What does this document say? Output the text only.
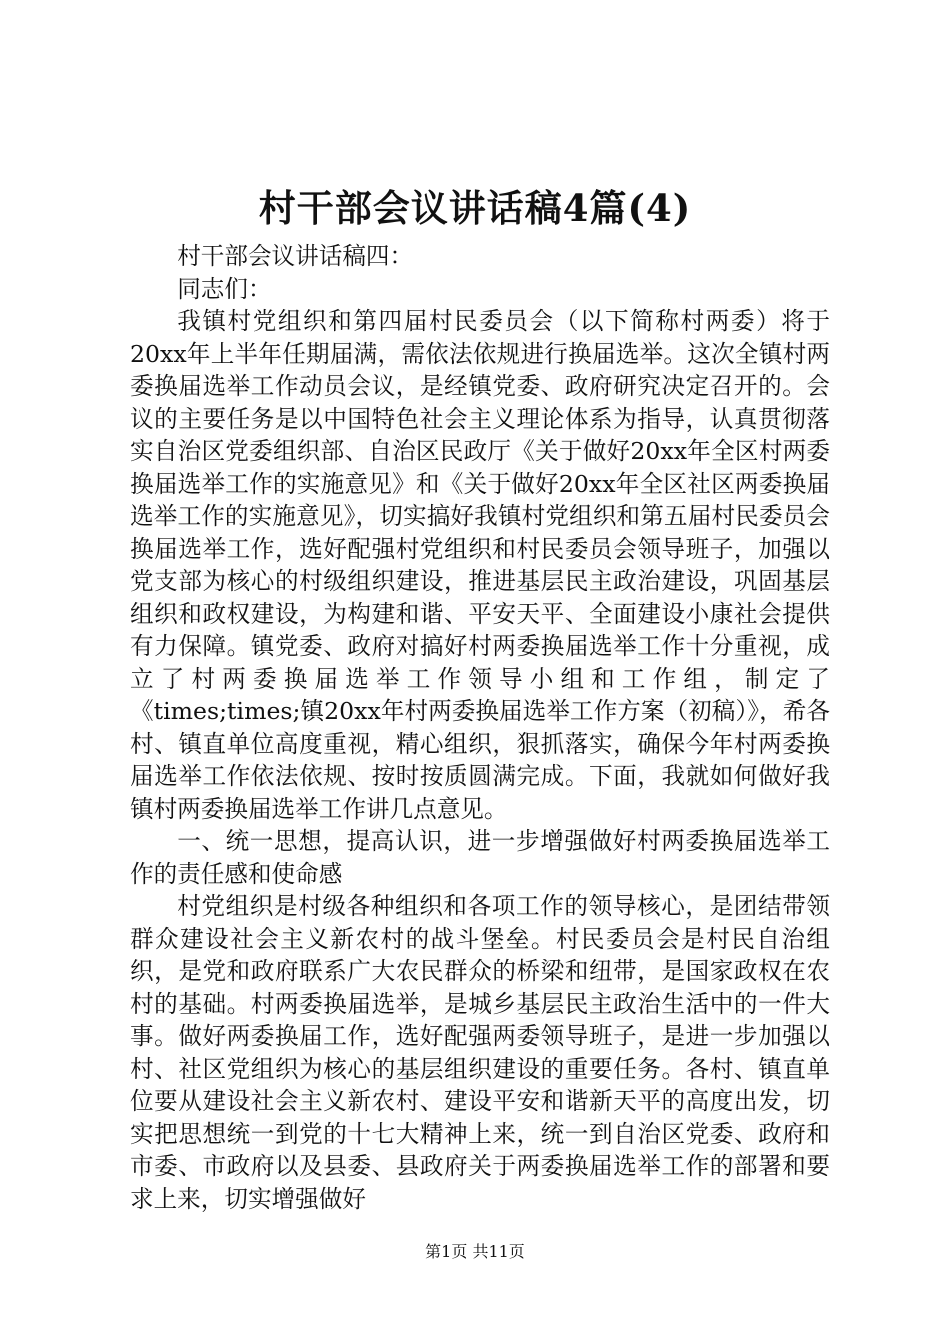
村干部会议讲话稿4篇(4)

村干部会议讲话稿四：

同志们：

我镇村党组织和第四届村民委员会（以下简称村两委）将于20xx年上半年任期届满，需依法依规进行换届选举。这次全镇村两委换届选举工作动员会议，是经镇党委、政府研究决定召开的。会议的主要任务是以中国特色社会主义理论体系为指导，认真贯彻落实自治区党委组织部、自治区民政厅《关于做好20xx年全区村两委换届选举工作的实施意见》和《关于做好20xx年全区社区两委换届选举工作的实施意见》，切实搞好我镇村党组织和第五届村民委员会换届选举工作，选好配强村党组织和村民委员会领导班子，加强以党支部为核心的村级组织建设，推进基层民主政治建设，巩固基层组织和政权建设，为构建和谐、平安天平、全面建设小康社会提供有力保障。镇党委、政府对搞好村两委换届选举工作十分重视，成立了村两委换届选举工作领导小组和工作组，制定了《times;times;镇20xx年村两委换届选举工作方案（初稿）》，希各村、镇直单位高度重视，精心组织，狠抓落实，确保今年村两委换届选举工作依法依规、按时按质圆满完成。下面，我就如何做好我镇村两委换届选举工作讲几点意见。

一、统一思想，提高认识，进一步增强做好村两委换届选举工作的责任感和使命感

村党组织是村级各种组织和各项工作的领导核心，是团结带领群众建设社会主义新农村的战斗堡垒。村民委员会是村民自治组织，是党和政府联系广大农民群众的桥梁和纽带，是国家政权在农村的基础。村两委换届选举，是城乡基层民主政治生活中的一件大事。做好两委换届工作，选好配强两委领导班子，是进一步加强以村、社区党组织为核心的基层组织建设的重要任务。各村、镇直单位要从建设社会主义新农村、建设平安和谐新天平的高度出发，切实把思想统一到党的十七大精神上来，统一到自治区党委、政府和市委、市政府以及县委、县政府关于两委换届选举工作的部署和要求上来，切实增强做好

第1页 共11页
